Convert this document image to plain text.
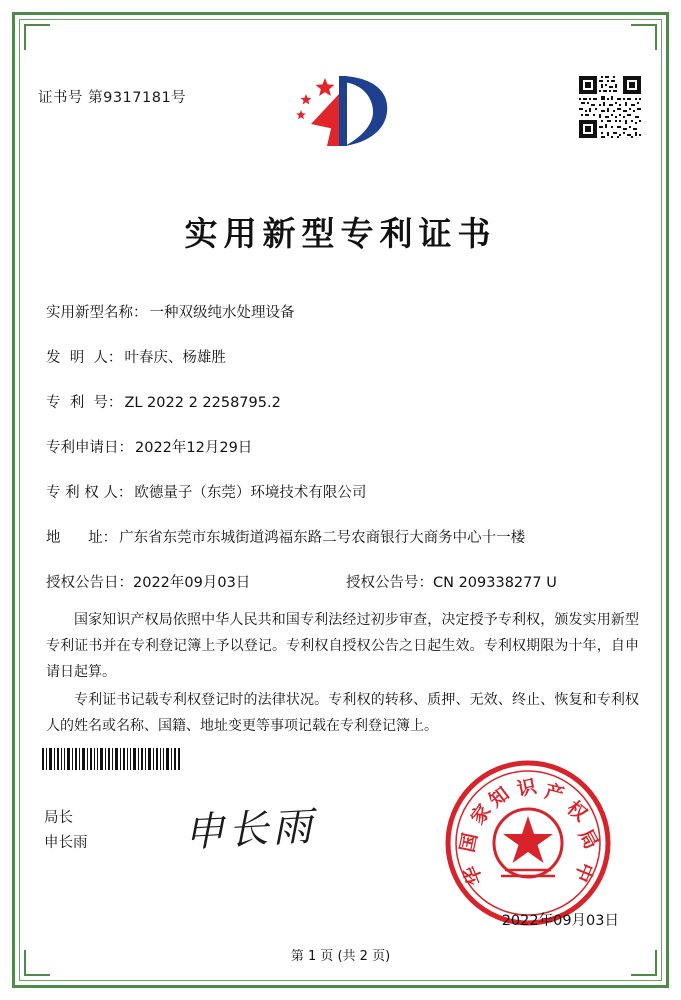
证书号 第9317181号
实用新型专利证书
实用新型名称： 一种双级纯水处理设备
发  明  人： 叶春庆、杨雄胜
专  利  号： ZL 2022 2 2258795.2
专利申请日： 2022年12月29日
专 利 权 人： 欧德量子（东莞）环境技术有限公司
地      址： 广东省东莞市东城街道鸿福东路二号农商银行大商务中心十一楼
授权公告日：2022年09月03日	授权公告号：CN 209338277 U

国家知识产权局依照中华人民共和国专利法经过初步审查，决定授予专利权，颁发实用新型专利证书并在专利登记簿上予以登记。专利权自授权公告之日起生效。专利权期限为十年，自申请日起算。

专利证书记载专利权登记时的法律状况。专利权的转移、质押、无效、终止、恢复和专利权人的姓名或名称、国籍、地址变更等事项记载在专利登记簿上。

局长
申长雨 申长雨	家
知 识 产
权
局
国
中
华
2022年09月03日
第 1 页 (共 2 页)
